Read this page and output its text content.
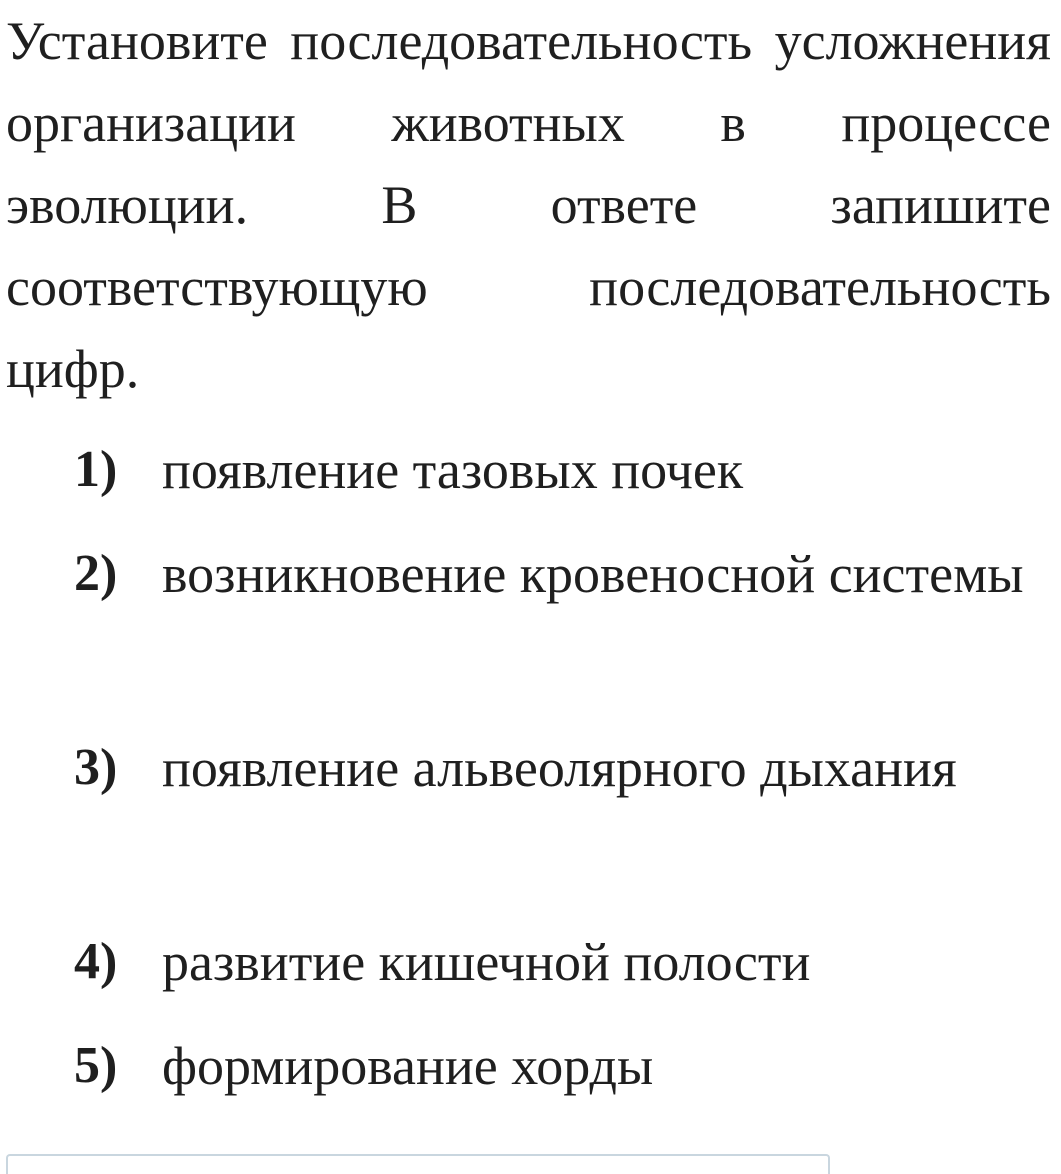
Установите последовательность усложнения организации животных в процессе эволюции. В ответе запишите соответствующую последовательность цифр.

1) появление тазовых почек
2) возникновение кровеносной системы
3) появление альвеолярного дыхания
4) развитие кишечной полости
5) формирование хорды
